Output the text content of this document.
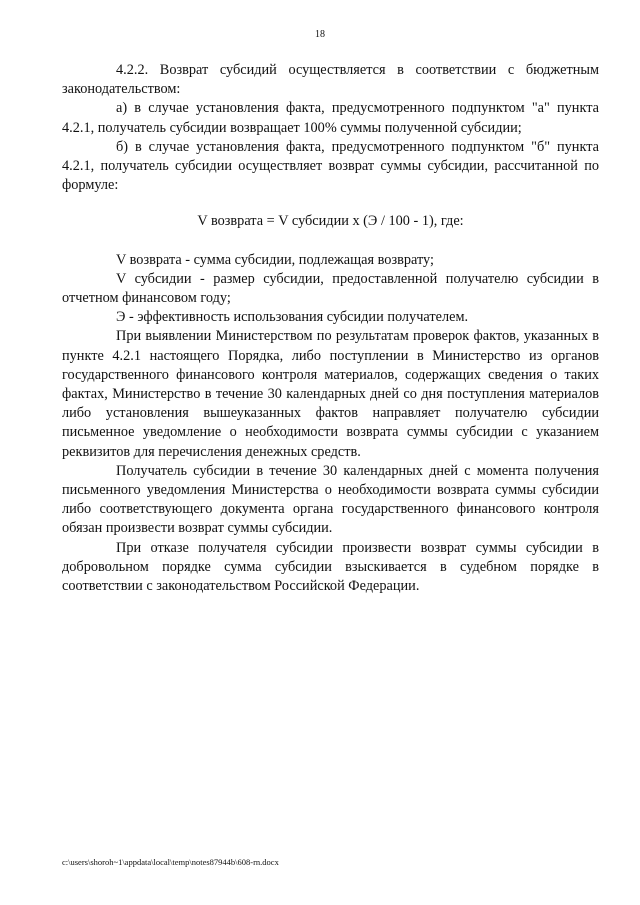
18

4.2.2. Возврат субсидий осуществляется в соответствии с бюджетным законодательством:

а) в случае установления факта, предусмотренного подпунктом "а" пункта 4.2.1, получатель субсидии возвращает 100% суммы полученной субсидии;

б) в случае установления факта, предусмотренного подпунктом "б" пункта 4.2.1, получатель субсидии осуществляет возврат суммы субсидии, рассчитанной по формуле:

V возврата = V субсидии x (Э / 100 - 1), где:

V возврата - сумма субсидии, подлежащая возврату;

V субсидии - размер субсидии, предоставленной получателю субсидии в отчетном финансовом году;

Э - эффективность использования субсидии получателем.

При выявлении Министерством по результатам проверок фактов, указанных в пункте 4.2.1 настоящего Порядка, либо поступлении в Министерство из органов государственного финансового контроля материалов, содержащих сведения о таких фактах, Министерство в течение 30 календарных дней со дня поступления материалов либо установления вышеуказанных фактов направляет получателю субсидии письменное уведомление о необходимости возврата суммы субсидии с указанием реквизитов для перечисления денежных средств.

Получатель субсидии в течение 30 календарных дней с момента получения письменного уведомления Министерства о необходимости возврата суммы субсидии либо соответствующего документа органа государственного финансового контроля обязан произвести возврат суммы субсидии.

При отказе получателя субсидии произвести возврат суммы субсидии в добровольном порядке сумма субсидии взыскивается в судебном порядке в соответствии с законодательством Российской Федерации.

c:\users\shoroh~1\appdata\local\temp\notes87944b\608-rn.docx
